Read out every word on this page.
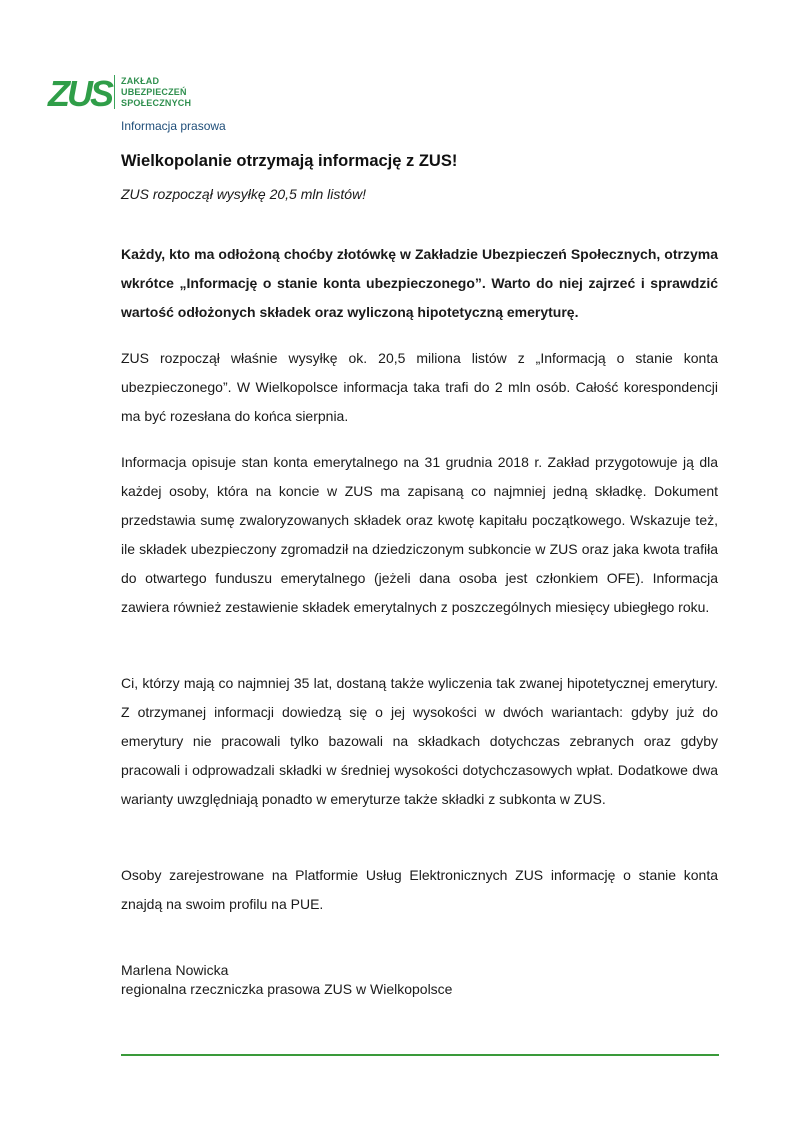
ZUS	ZAKŁAD
UBEZPIECZEŃ
SPOŁECZNYCH
Informacja prasowa
Wielkopolanie otrzymają informację z ZUS!

ZUS rozpoczął wysyłkę 20,5 mln listów!

Każdy, kto ma odłożoną choćby złotówkę w Zakładzie Ubezpieczeń Społecznych, otrzyma wkrótce „Informację o stanie konta ubezpieczonego”. Warto do niej zajrzeć i sprawdzić wartość odłożonych składek oraz wyliczoną hipotetyczną emeryturę.

ZUS rozpoczął właśnie wysyłkę ok. 20,5 miliona listów z „Informacją o stanie konta ubezpieczonego”. W Wielkopolsce informacja taka trafi do 2 mln osób. Całość korespondencji ma być rozesłana do końca sierpnia.

Informacja opisuje stan konta emerytalnego na 31 grudnia 2018 r. Zakład przygotowuje ją dla każdej osoby, która na koncie w ZUS ma zapisaną co najmniej jedną składkę. Dokument przedstawia sumę zwaloryzowanych składek oraz kwotę kapitału początkowego. Wskazuje też, ile składek ubezpieczony zgromadził na dziedziczonym subkoncie w ZUS oraz jaka kwota trafiła do otwartego funduszu emerytalnego (jeżeli dana osoba jest członkiem OFE). Informacja zawiera również zestawienie składek emerytalnych z poszczególnych miesięcy ubiegłego roku.

Ci, którzy mają co najmniej 35 lat, dostaną także wyliczenia tak zwanej hipotetycznej emerytury. Z otrzymanej informacji dowiedzą się o jej wysokości w dwóch wariantach: gdyby już do emerytury nie pracowali tylko bazowali na składkach dotychczas zebranych oraz gdyby pracowali i odprowadzali składki w średniej wysokości dotychczasowych wpłat. Dodatkowe dwa warianty uwzględniają ponadto w emeryturze także składki z subkonta w ZUS.

Osoby zarejestrowane na Platformie Usług Elektronicznych ZUS informację o stanie konta znajdą na swoim profilu na PUE.

Marlena Nowicka
regionalna rzeczniczka prasowa ZUS w Wielkopolsce
